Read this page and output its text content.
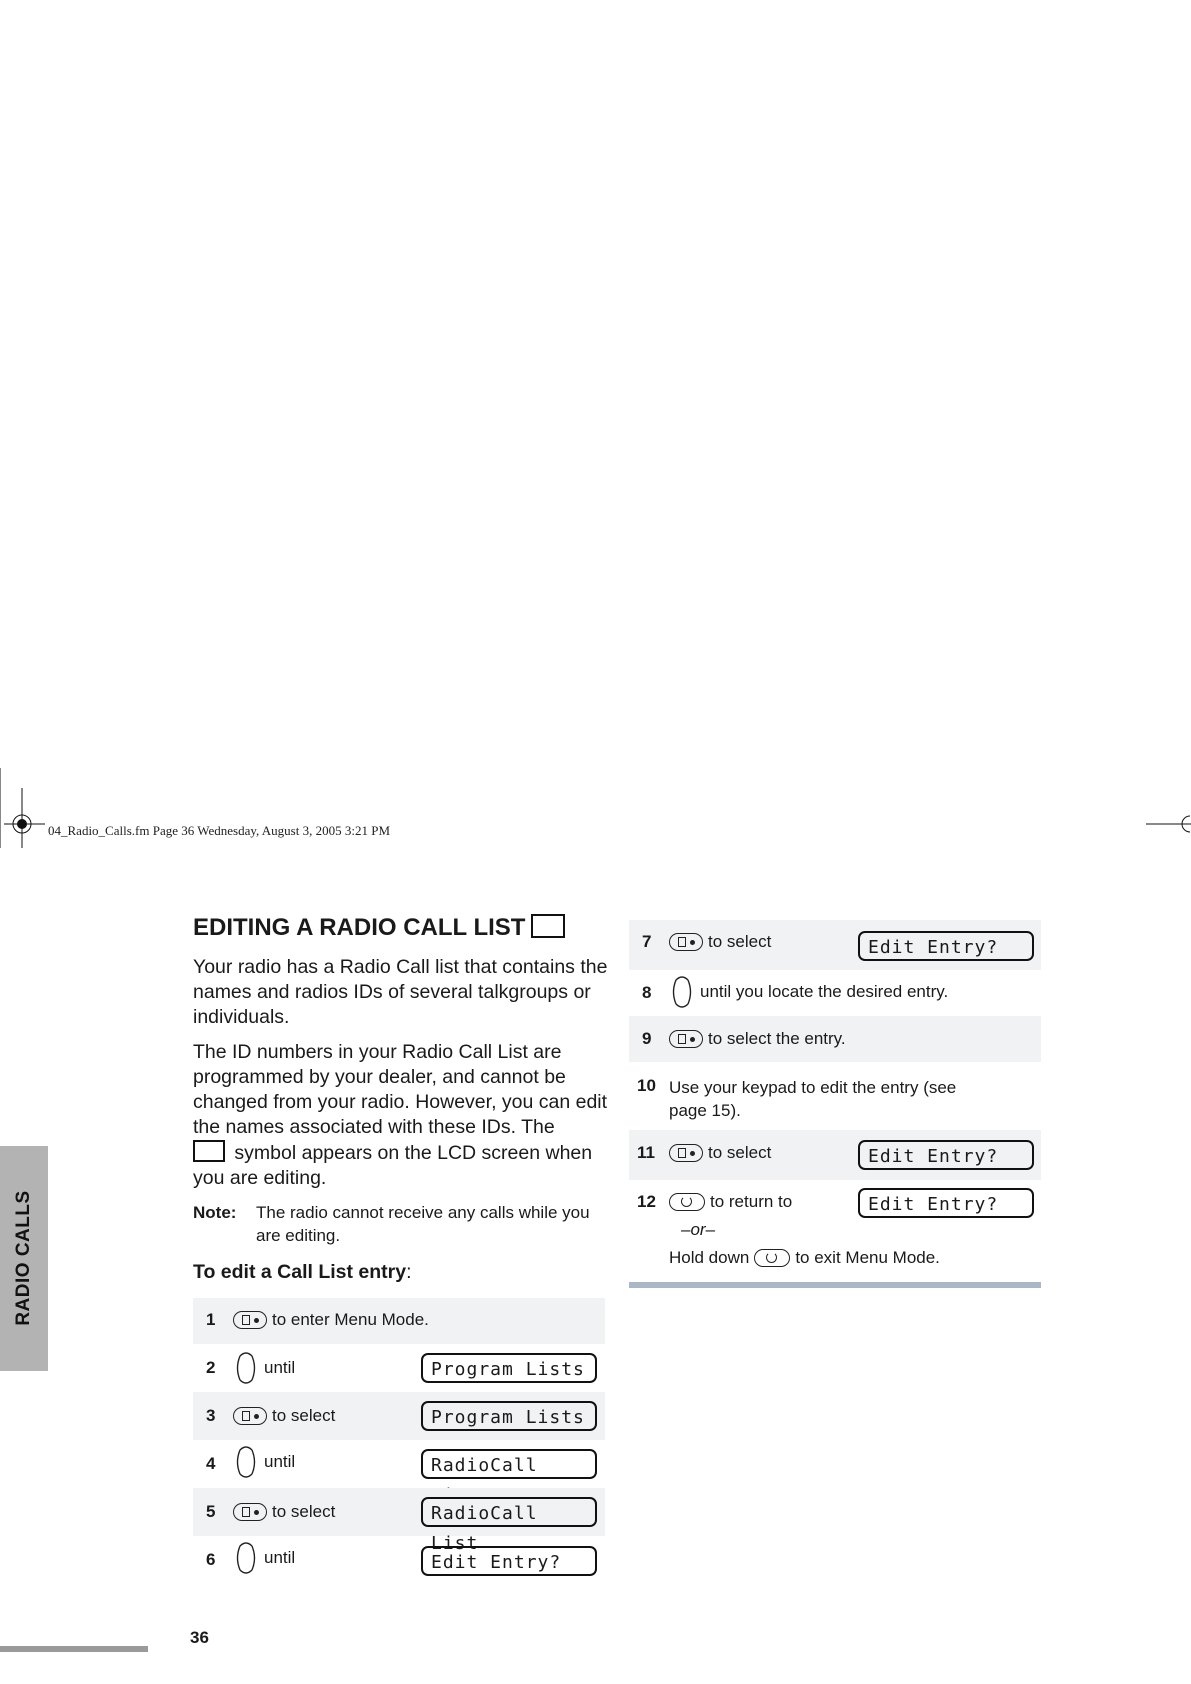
04_Radio_Calls.fm Page 36 Wednesday, August 3, 2005 3:21 PM
RADIO CALLS
36
EDITING A RADIO CALL LIST
Your radio has a Radio Call list that contains the names and radios IDs of several talkgroups or individuals.
The ID numbers in your Radio Call List are programmed by your dealer, and cannot be changed from your radio. However, you can edit the names associated with these IDs. The
symbol appears on the LCD screen when you are editing.
Note:	The radio cannot receive any calls while you are editing.
To edit a Call List entry:
1	to enter Menu Mode.
2	until	Program Lists
3	to select	Program Lists
4	until	RadioCall
5	to select	RadioCall List
6	until	Edit Entry?
7	to select	Edit Entry?
8	until you locate the desired entry.
9	to select the entry.
10 Use your keypad to edit the entry (see
page 15).
11	to select	Edit Entry?
12	to return to	Edit Entry?
–or–
Hold down	to exit Menu Mode.
